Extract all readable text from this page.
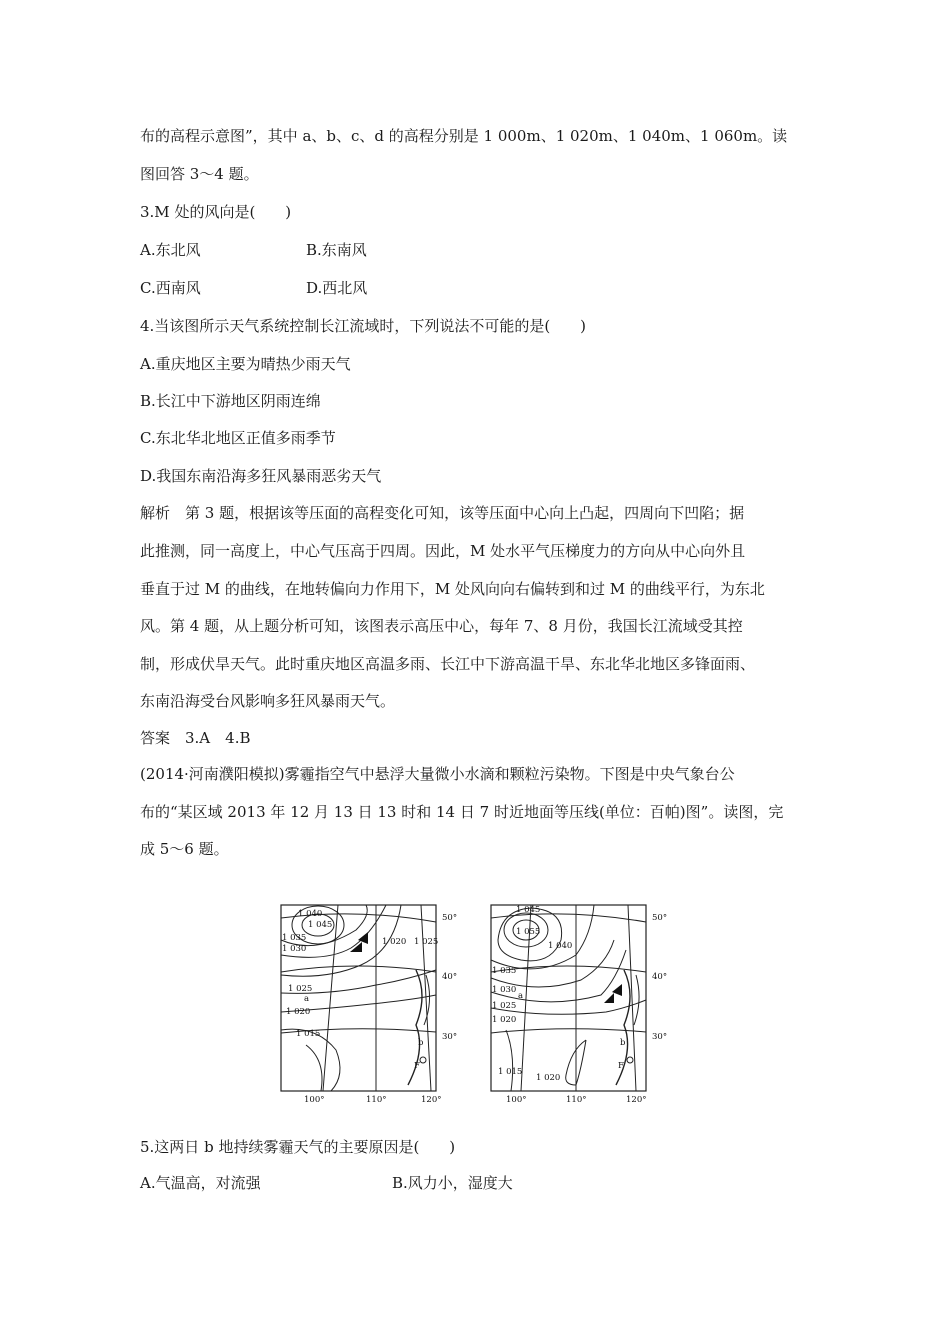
布的高程示意图”，其中 a、b、c、d 的高程分别是 1 000m、1 020m、1 040m、1 060m。读
图回答 3～4 题。
3.M 处的风向是(　　)
A.东北风	B.东南风
C.西南风	D.西北风
4.当该图所示天气系统控制长江流域时，下列说法不可能的是(　　)
A.重庆地区主要为晴热少雨天气
B.长江中下游地区阴雨连绵
C.东北华北地区正值多雨季节
D.我国东南沿海多狂风暴雨恶劣天气
解析　第 3 题，根据该等压面的高程变化可知，该等压面中心向上凸起，四周向下凹陷；据
此推测，同一高度上，中心气压高于四周。因此，M 处水平气压梯度力的方向从中心向外且
垂直于过 M 的曲线，在地转偏向力作用下，M 处风向向右偏转到和过 M 的曲线平行，为东北
风。第 4 题，从上题分析可知，该图表示高压中心，每年 7、8 月份，我国长江流域受其控
制，形成伏旱天气。此时重庆地区高温多雨、长江中下游高温干旱、东北华北地区多锋面雨、
东南沿海受台风影响多狂风暴雨天气。
答案　3.A　4.B
(2014·河南濮阳模拟)雾霾指空气中悬浮大量微小水滴和颗粒污染物。下图是中央气象台公
布的“某区域 2013 年 12 月 13 日 13 时和 14 日 7 时近地面等压线(单位：百帕)图”。读图，完
成 5～6 题。
1 040
1 045
1 035
1 030
1 020 1 025
1 025
1 020
1 015
a
b
F
50°
40°
30°
100°	110°	120°
1 045
1 055
1 040
1 035
1 030
1 025
1 020
1 015
1 020
a
b
F
50°
40°
30°
100°	110°	120°
5.这两日 b 地持续雾霾天气的主要原因是(　　)
A.气温高，对流强	B.风力小，湿度大
